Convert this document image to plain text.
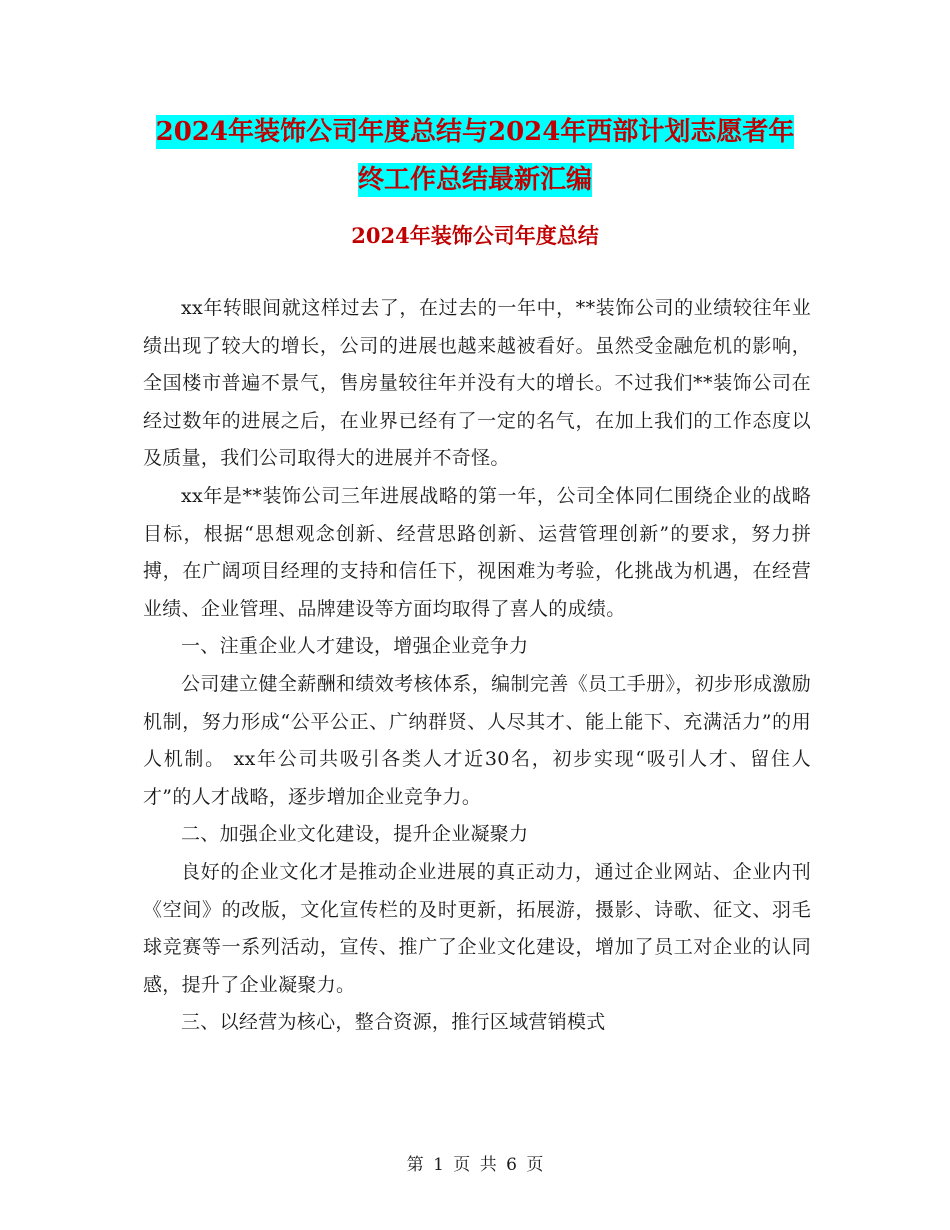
2024年装饰公司年度总结与2024年西部计划志愿者年
终工作总结最新汇编
2024年装饰公司年度总结

xx年转眼间就这样过去了，在过去的一年中，**装饰公司的业绩较往年业绩出现了较大的增长，公司的进展也越来越被看好。虽然受金融危机的影响，全国楼市普遍不景气，售房量较往年并没有大的增长。不过我们**装饰公司在经过数年的进展之后，在业界已经有了一定的名气，在加上我们的工作态度以及质量，我们公司取得大的进展并不奇怪。

xx年是**装饰公司三年进展战略的第一年，公司全体同仁围绕企业的战略目标，根据“思想观念创新、经营思路创新、运营管理创新”的要求，努力拼搏，在广阔项目经理的支持和信任下，视困难为考验，化挑战为机遇，在经营业绩、企业管理、品牌建设等方面均取得了喜人的成绩。

一、注重企业人才建设，增强企业竞争力

公司建立健全薪酬和绩效考核体系，编制完善《员工手册》，初步形成激励机制，努力形成“公平公正、广纳群贤、人尽其才、能上能下、充满活力”的用人机制。 xx年公司共吸引各类人才近30名，初步实现“吸引人才、留住人才”的人才战略，逐步增加企业竞争力。

二、加强企业文化建设，提升企业凝聚力

良好的企业文化才是推动企业进展的真正动力，通过企业网站、企业内刊《空间》的改版，文化宣传栏的及时更新，拓展游，摄影、诗歌、征文、羽毛球竞赛等一系列活动，宣传、推广了企业文化建设，增加了员工对企业的认同感，提升了企业凝聚力。

三、以经营为核心，整合资源，推行区域营销模式

第 1 页 共 6 页
